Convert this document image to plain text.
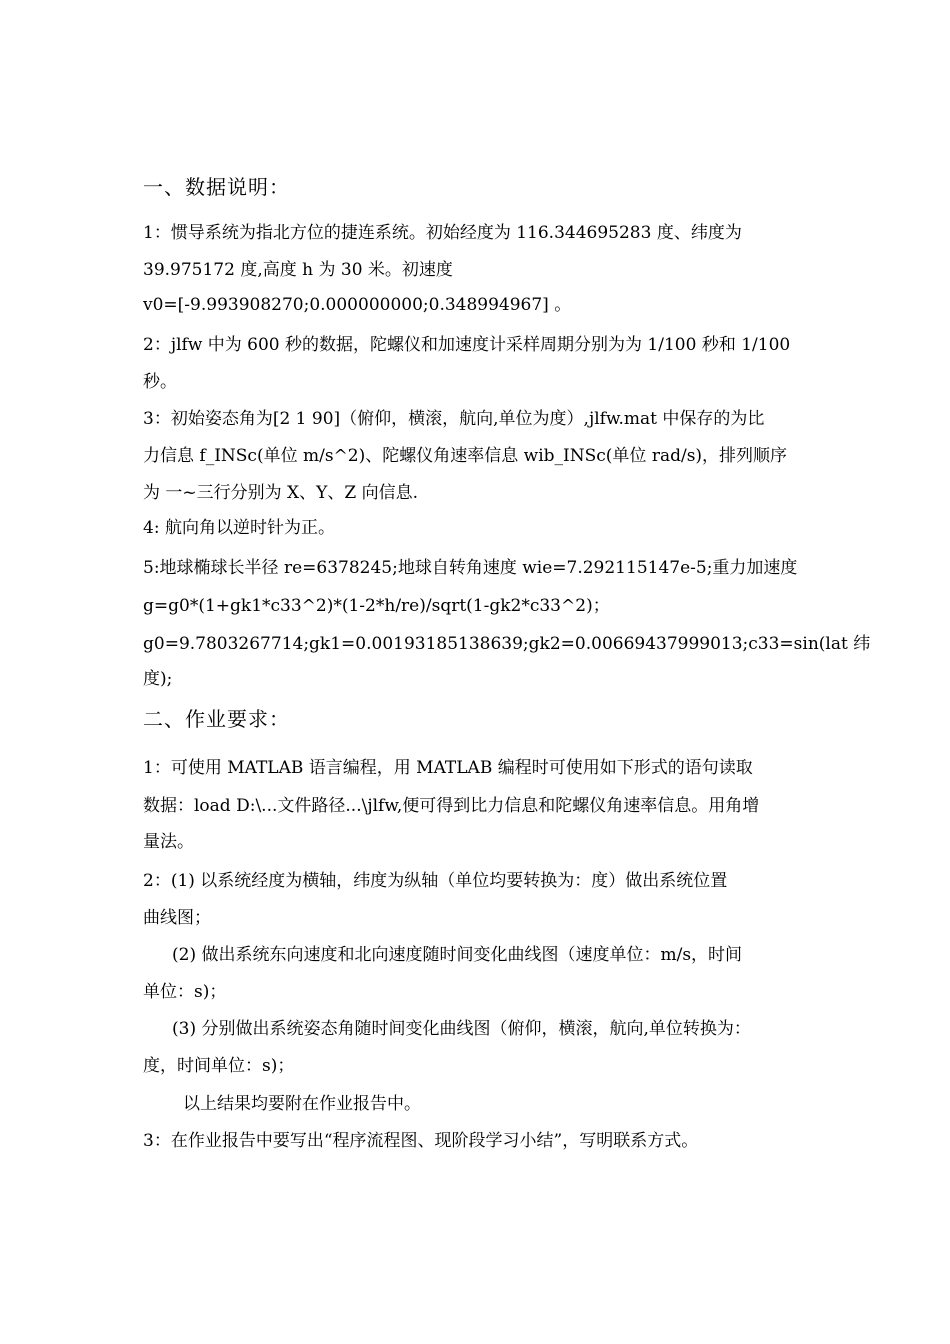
一、数据说明：
1：惯导系统为指北方位的捷连系统。初始经度为 116.344695283 度、纬度为
39.975172 度,高度 h 为 30 米。初速度
v0=[-9.993908270;0.000000000;0.348994967] 。
2：jlfw 中为 600 秒的数据，陀螺仪和加速度计采样周期分别为为 1/100 秒和 1/100
秒。
3：初始姿态角为[2 1 90]（俯仰，横滚，航向,单位为度）,jlfw.mat 中保存的为比
力信息 f_INSc(单位 m/s^2)、陀螺仪角速率信息 wib_INSc(单位 rad/s)，排列顺序
为 一~三行分别为 X、Y、Z 向信息.
4: 航向角以逆时针为正。
5:地球椭球长半径 re=6378245;地球自转角速度 wie=7.292115147e-5;重力加速度
g=g0*(1+gk1*c33^2)*(1-2*h/re)/sqrt(1-gk2*c33^2)；
g0=9.7803267714;gk1=0.00193185138639;gk2=0.00669437999013;c33=sin(lat 纬
度);
二、作业要求：
1：可使用 MATLAB 语言编程，用 MATLAB 编程时可使用如下形式的语句读取
数据：load D:\...文件路径...\jlfw,便可得到比力信息和陀螺仪角速率信息。用角增
量法。
2：(1) 以系统经度为横轴，纬度为纵轴（单位均要转换为：度）做出系统位置
曲线图；
(2) 做出系统东向速度和北向速度随时间变化曲线图（速度单位：m/s，时间
单位：s)；
(3) 分别做出系统姿态角随时间变化曲线图（俯仰，横滚，航向,单位转换为：
度，时间单位：s)；
以上结果均要附在作业报告中。
3：在作业报告中要写出“程序流程图、现阶段学习小结”，写明联系方式。
